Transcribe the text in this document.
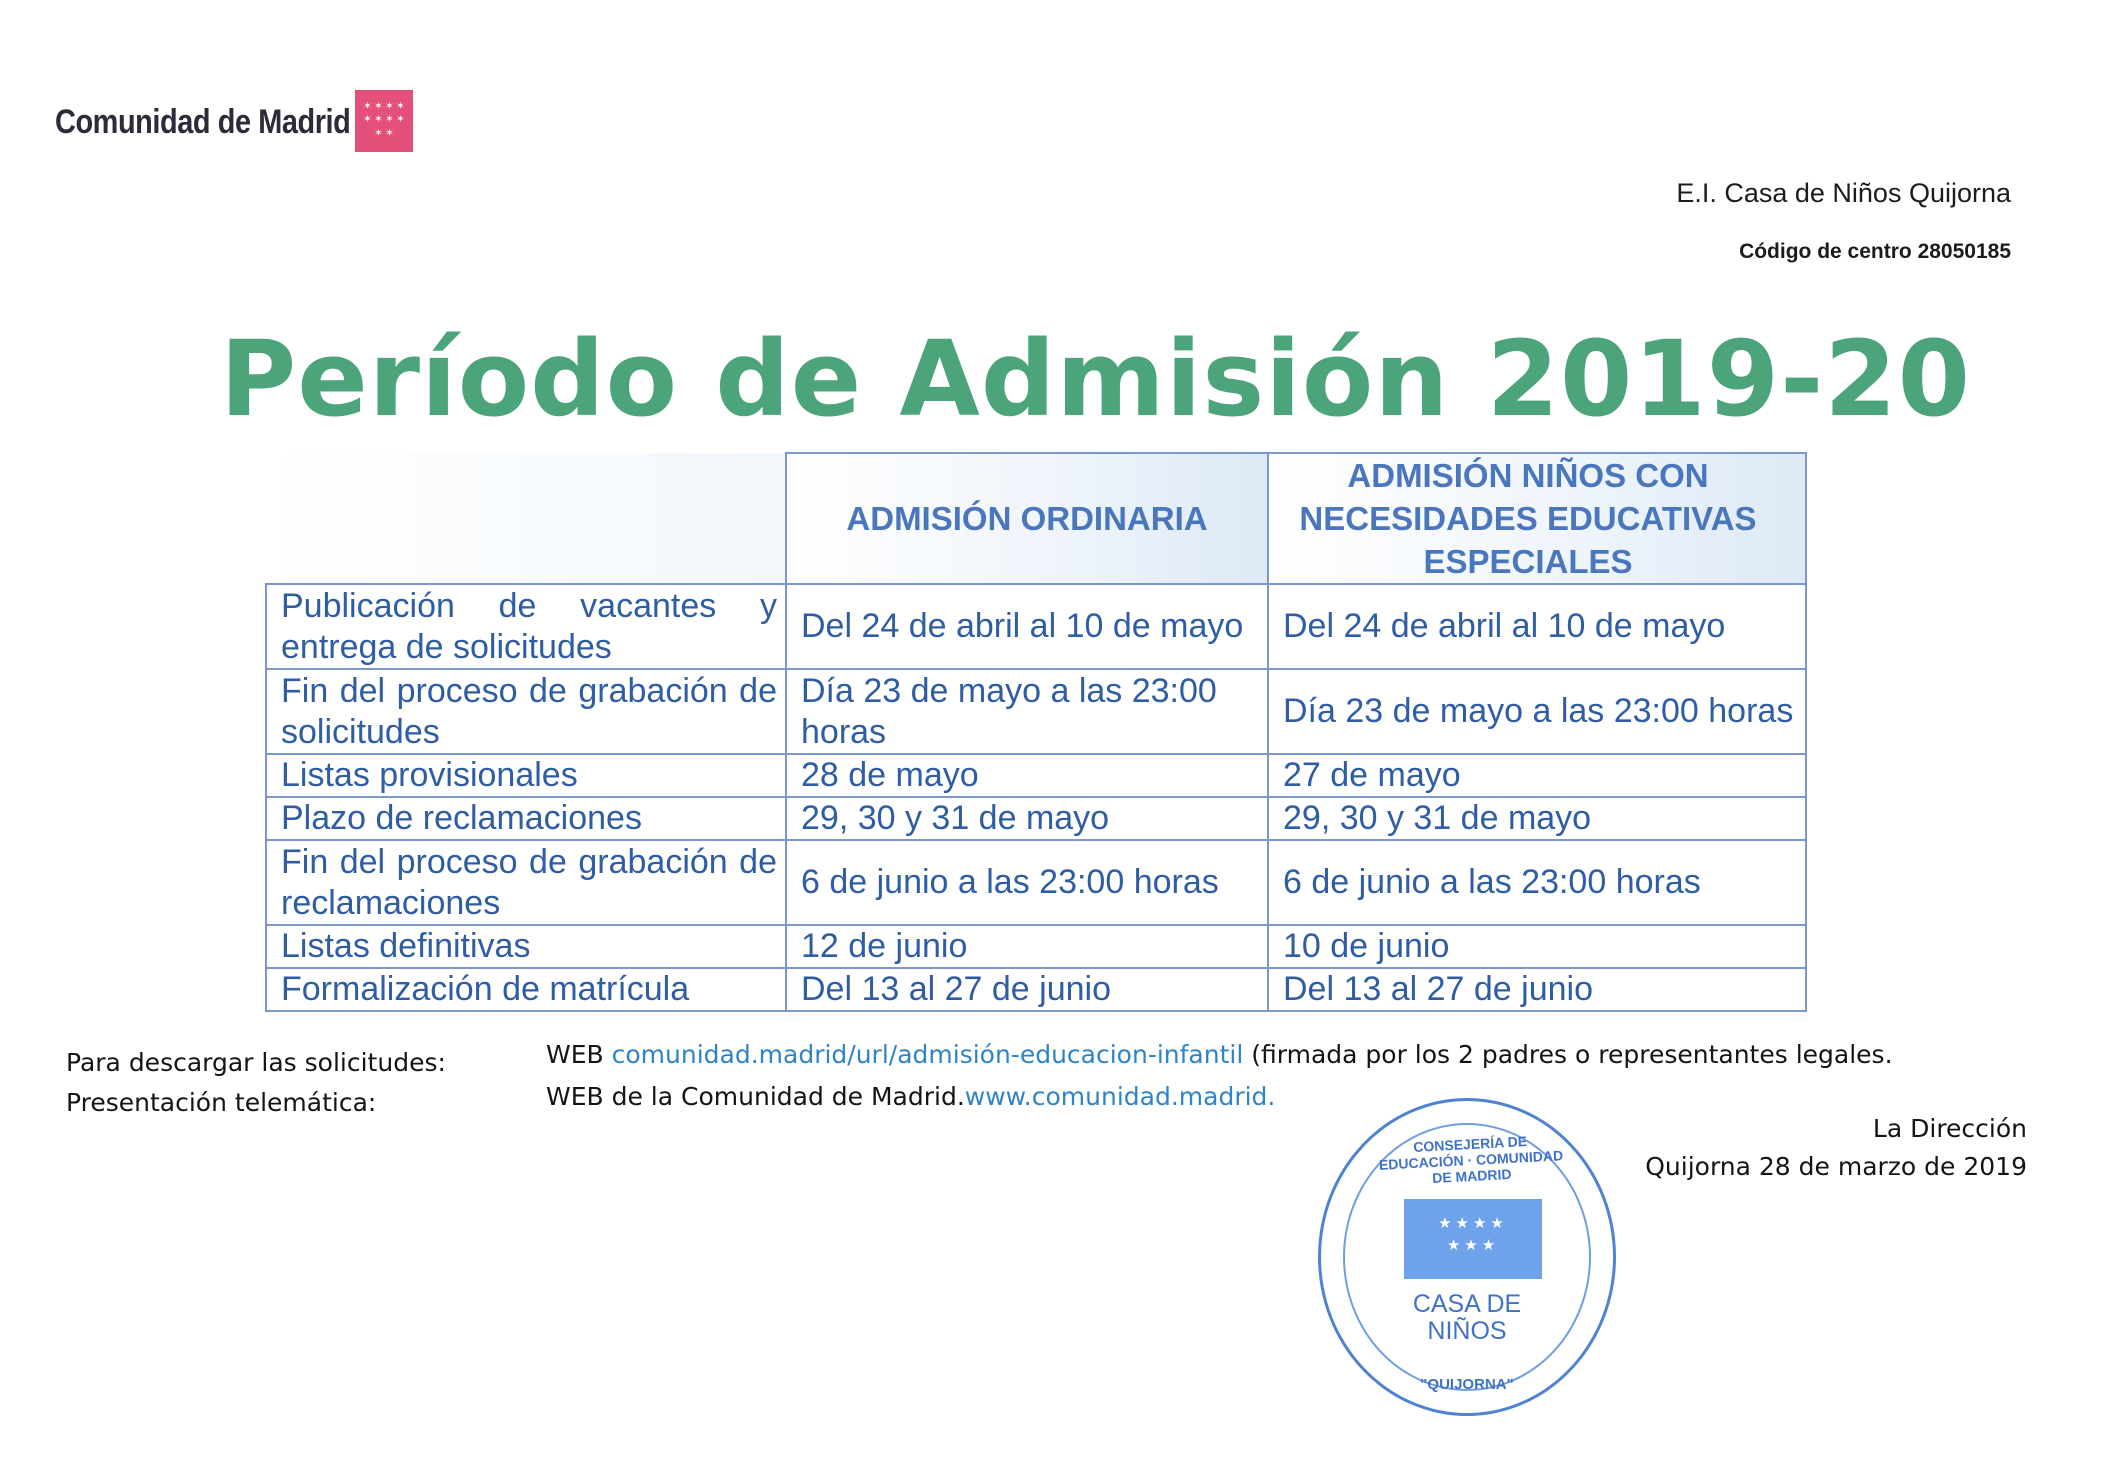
Comunidad de Madrid ✶ ✶ ✶ ✶
✶ ✶ ✶ ✶
✶ ✶
E.I. Casa de Niños Quijorna
Código de centro 28050185
Período de Admisión 2019-20
	ADMISIÓN ORDINARIA	ADMISIÓN NIÑOS CON NECESIDADES EDUCATIVAS ESPECIALES
Publicación de vacantes y entrega de solicitudes	Del 24 de abril al 10 de mayo	Del 24 de abril al 10 de mayo
Fin del proceso de grabación de solicitudes	Día 23 de mayo a las 23:00 horas	Día 23 de mayo a las 23:00 horas
Listas provisionales	28 de mayo	27 de mayo
Plazo de reclamaciones	29, 30 y 31 de mayo	29, 30 y 31 de mayo
Fin del proceso de grabación de reclamaciones	6 de junio a las 23:00 horas	6 de junio a las 23:00 horas
Listas definitivas	12 de junio	10 de junio
Formalización de matrícula	Del 13 al 27 de junio	Del 13 al 27 de junio
Para descargar las solicitudes:	WEB comunidad.madrid/url/admisión-educacion-infantil (firmada por los 2 padres o representantes legales.
Presentación telemática:	WEB de la Comunidad de Madrid.www.comunidad.madrid.
La Dirección
Quijorna 28 de marzo de 2019
CONSEJERÍA DE EDUCACIÓN · COMUNIDAD DE MADRID
★★★★
★★★
CASA DE
NIÑOS
"QUIJORNA"
